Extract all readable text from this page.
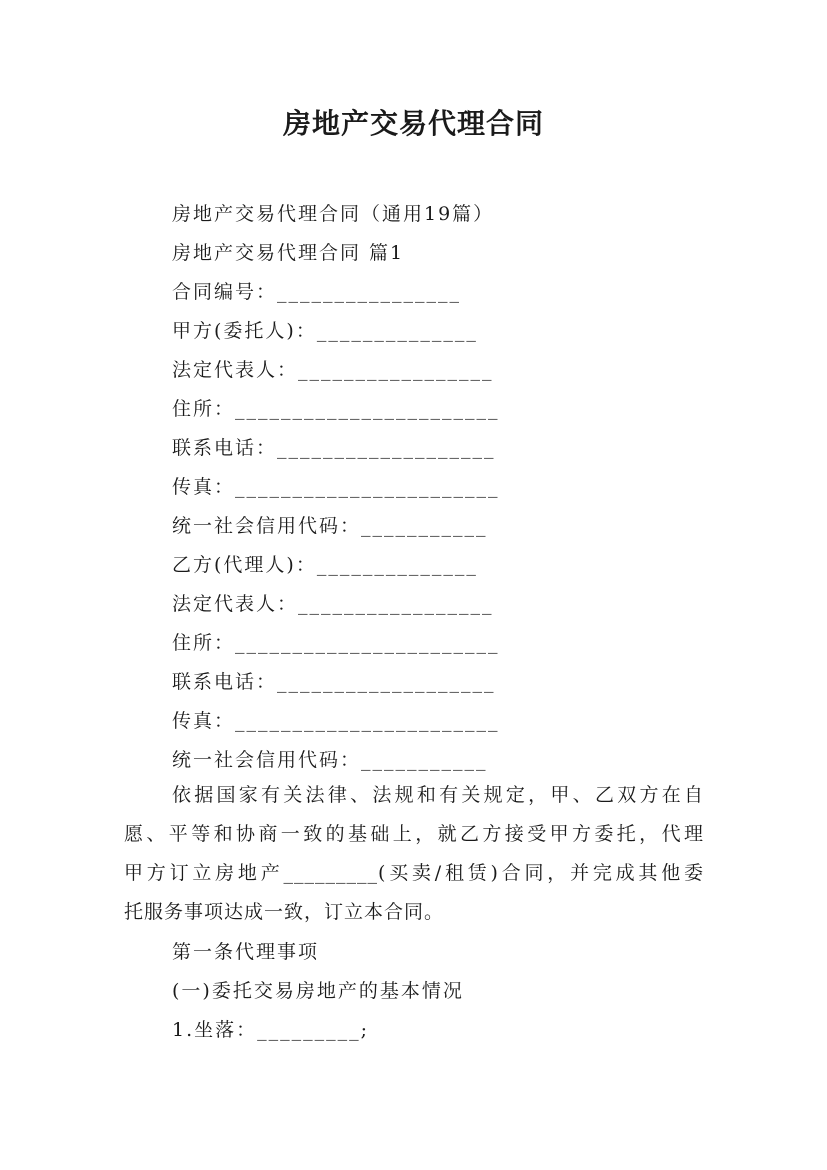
房地产交易代理合同
房地产交易代理合同（通用19篇）
房地产交易代理合同 篇1
合同编号：________________
甲方(委托人)：______________
法定代表人：_________________
住所：_______________________
联系电话：___________________
传真：_______________________
统一社会信用代码：___________
乙方(代理人)：______________
法定代表人：_________________
住所：_______________________
联系电话：___________________
传真：_______________________
统一社会信用代码：___________
依据国家有关法律、法规和有关规定，甲、乙双方在自
愿、平等和协商一致的基础上，就乙方接受甲方委托，代理
甲方订立房地产_________(买卖/租赁)合同，并完成其他委
托服务事项达成一致，订立本合同。
第一条代理事项
(一)委托交易房地产的基本情况
1.坐落：_________;
